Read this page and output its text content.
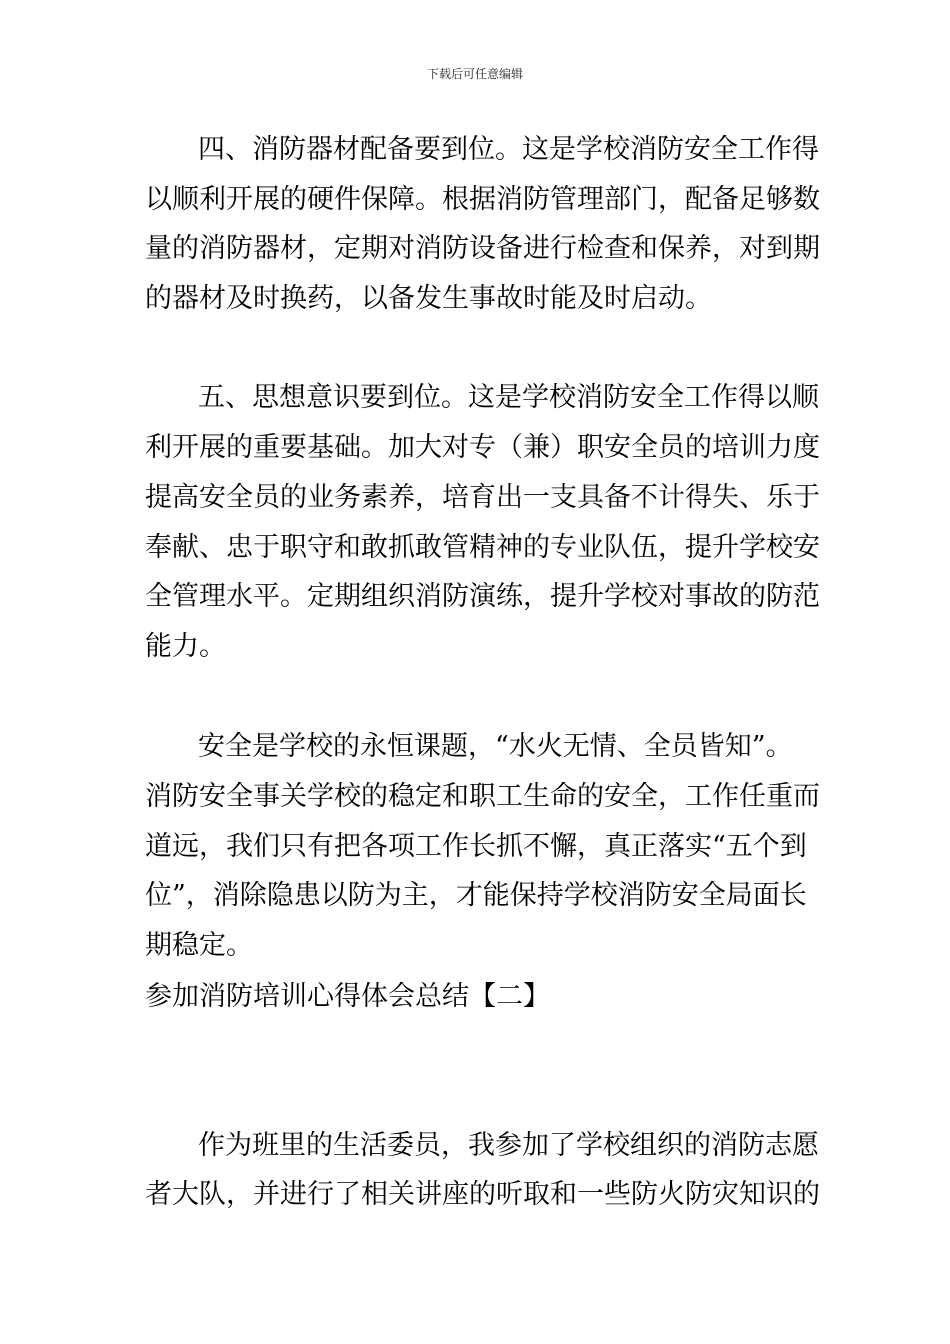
下载后可任意编辑
四、消防器材配备要到位。这是学校消防安全工作得
以顺利开展的硬件保障。根据消防管理部门，配备足够数
量的消防器材，定期对消防设备进行检查和保养，对到期
的器材及时换药，以备发生事故时能及时启动。
五、思想意识要到位。这是学校消防安全工作得以顺
利开展的重要基础。加大对专（兼）职安全员的培训力度
提高安全员的业务素养，培育出一支具备不计得失、乐于
奉献、忠于职守和敢抓敢管精神的专业队伍，提升学校安
全管理水平。定期组织消防演练，提升学校对事故的防范
能力。
安全是学校的永恒课题，“水火无情、全员皆知”。
消防安全事关学校的稳定和职工生命的安全，工作任重而
道远，我们只有把各项工作长抓不懈，真正落实“五个到
位”，消除隐患以防为主，才能保持学校消防安全局面长
期稳定。
参加消防培训心得体会总结【二】
作为班里的生活委员，我参加了学校组织的消防志愿
者大队，并进行了相关讲座的听取和一些防火防灾知识的
